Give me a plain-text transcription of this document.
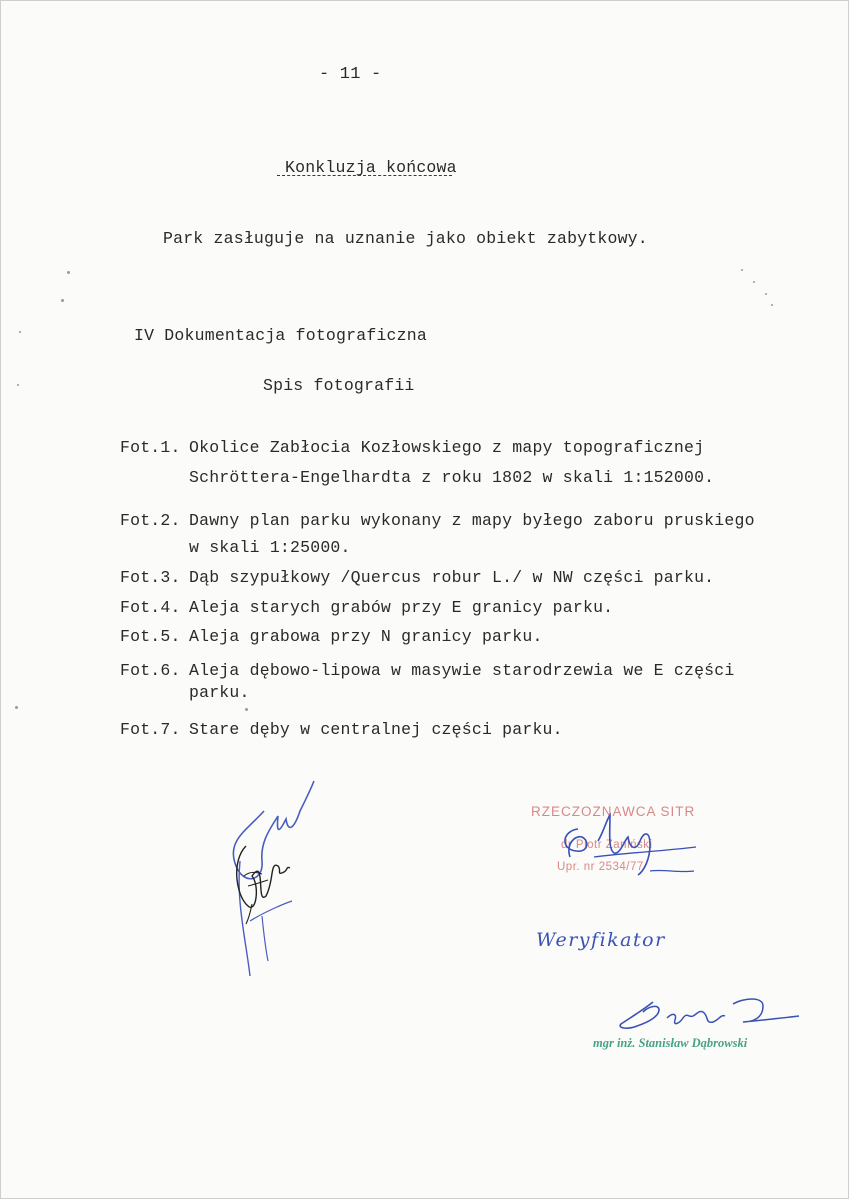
- 11 -
Konkluzja końcowa
Park zasługuje na uznanie jako obiekt zabytkowy.
IV Dokumentacja fotograficzna
Spis fotografii
Fot.1. Okolice Zabłocia Kozłowskiego z mapy topograficznej
Schröttera-Engelhardta z roku 1802 w skali 1:152000.
Fot.2. Dawny plan parku wykonany z mapy byłego zaboru pruskiego
w skali 1:25000.
Fot.3. Dąb szypułkowy /Quercus robur L./ w NW części parku.
Fot.4. Aleja starych grabów przy E granicy parku.
Fot.5. Aleja grabowa przy N granicy parku.
Fot.6. Aleja dębowo-lipowa w masywie starodrzewia we E części
parku.
Fot.7. Stare dęby w centralnej części parku.
RZECZOZNAWCA SITR
dr Piotr Zaniński
Upr. nr 2534/77
Weryfikator
mgr inż. Stanisław Dąbrowski
